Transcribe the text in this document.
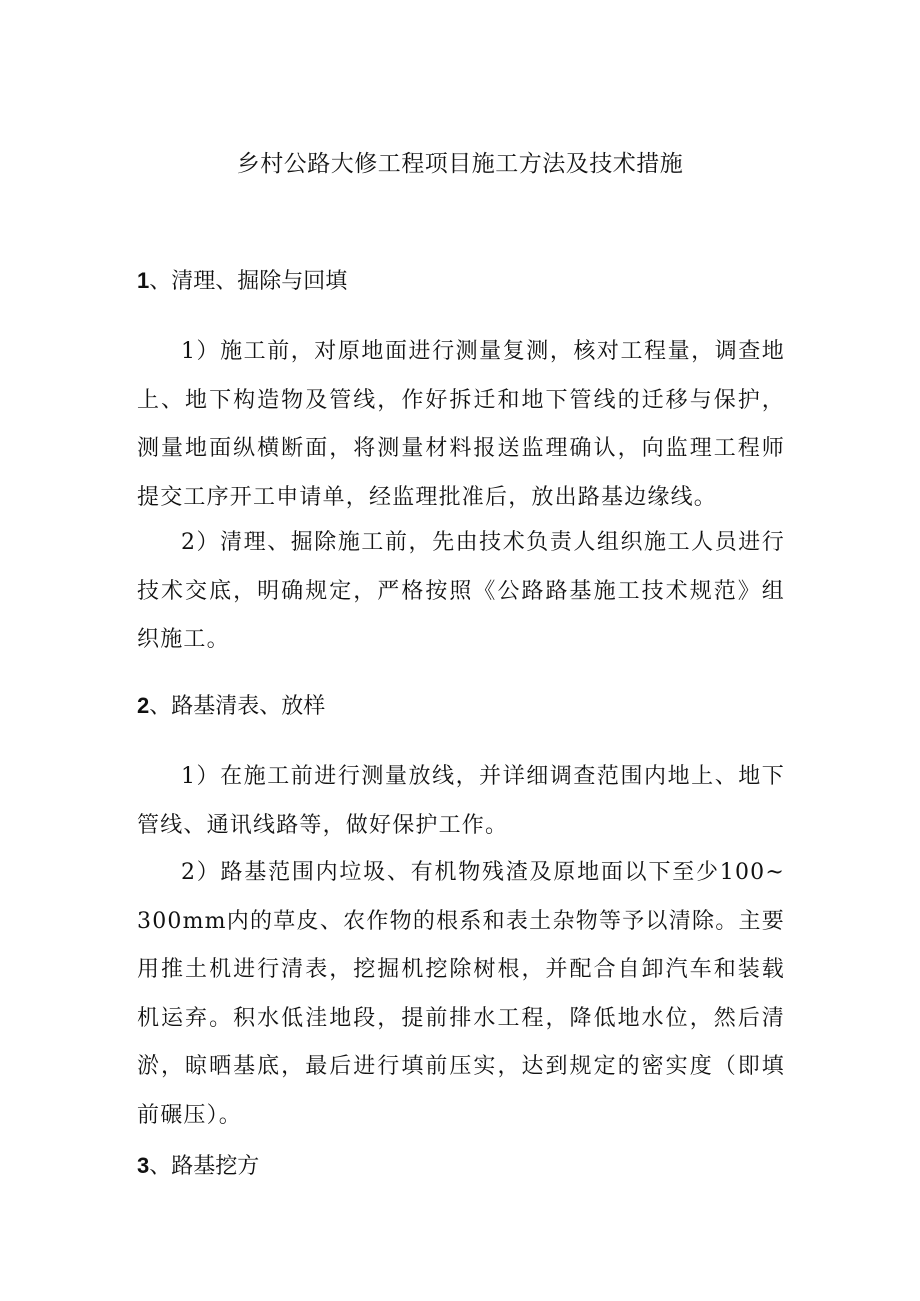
乡村公路大修工程项目施工方法及技术措施
1、清理、掘除与回填
1）施工前，对原地面进行测量复测，核对工程量，调查地上、地下构造物及管线，作好拆迁和地下管线的迁移与保护，测量地面纵横断面，将测量材料报送监理确认，向监理工程师提交工序开工申请单，经监理批准后，放出路基边缘线。
2）清理、掘除施工前，先由技术负责人组织施工人员进行技术交底，明确规定，严格按照《公路路基施工技术规范》组织施工。
2、路基清表、放样
1）在施工前进行测量放线，并详细调查范围内地上、地下管线、通讯线路等，做好保护工作。
2）路基范围内垃圾、有机物残渣及原地面以下至少100~300mm内的草皮、农作物的根系和表土杂物等予以清除。主要用推土机进行清表，挖掘机挖除树根，并配合自卸汽车和装载机运弃。积水低洼地段，提前排水工程，降低地水位，然后清淤，晾晒基底，最后进行填前压实，达到规定的密实度（即填前碾压）。
3、路基挖方
